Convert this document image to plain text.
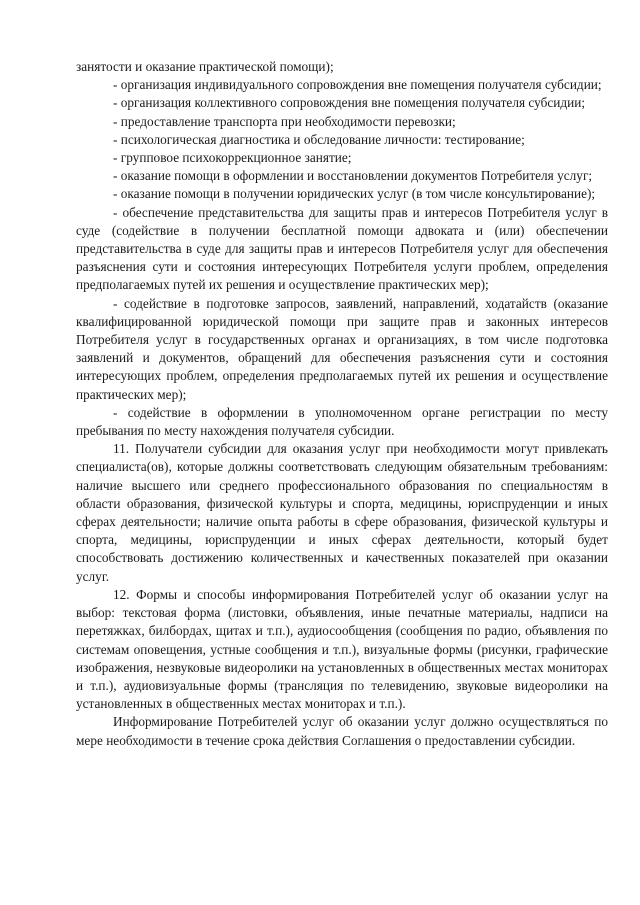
занятости и оказание практической помощи);

- организация индивидуального сопровождения вне помещения получателя субсидии;

- организация коллективного сопровождения вне помещения получателя субсидии;

- предоставление транспорта при необходимости перевозки;

- психологическая диагностика и обследование личности: тестирование;

- групповое психокоррекционное занятие;

- оказание помощи в оформлении и восстановлении документов Потребителя услуг;

- оказание помощи в получении юридических услуг (в том числе консультирование);

- обеспечение представительства для защиты прав и интересов Потребителя услуг в суде (содействие в получении бесплатной помощи адвоката и (или) обеспечении представительства в суде для защиты прав и интересов Потребителя услуг для обеспечения разъяснения сути и состояния интересующих Потребителя услуги проблем, определения предполагаемых путей их решения и осуществление практических мер);

- содействие в подготовке запросов, заявлений, направлений, ходатайств (оказание квалифицированной юридической помощи при защите прав и законных интересов Потребителя услуг в государственных органах и организациях, в том числе подготовка заявлений и документов, обращений для обеспечения разъяснения сути и состояния интересующих проблем, определения предполагаемых путей их решения и осуществление практических мер);

- содействие в оформлении в уполномоченном органе регистрации по месту пребывания по месту нахождения получателя субсидии.

11. Получатели субсидии для оказания услуг при необходимости могут привлекать специалиста(ов), которые должны соответствовать следующим обязательным требованиям: наличие высшего или среднего профессионального образования по специальностям в области образования, физической культуры и спорта, медицины, юриспруденции и иных сферах деятельности; наличие опыта работы в сфере образования, физической культуры и спорта, медицины, юриспруденции и иных сферах деятельности, который будет способствовать достижению количественных и качественных показателей при оказании услуг.

12. Формы и способы информирования Потребителей услуг об оказании услуг на выбор: текстовая форма (листовки, объявления, иные печатные материалы, надписи на перетяжках, билбордах, щитах и т.п.), аудиосообщения (сообщения по радио, объявления по системам оповещения, устные сообщения и т.п.), визуальные формы (рисунки, графические изображения, незвуковые видеоролики на установленных в общественных местах мониторах и т.п.), аудиовизуальные формы (трансляция по телевидению, звуковые видеоролики на установленных в общественных местах мониторах и т.п.).

Информирование Потребителей услуг об оказании услуг должно осуществляться по мере необходимости в течение срока действия Соглашения о предоставлении субсидии.
